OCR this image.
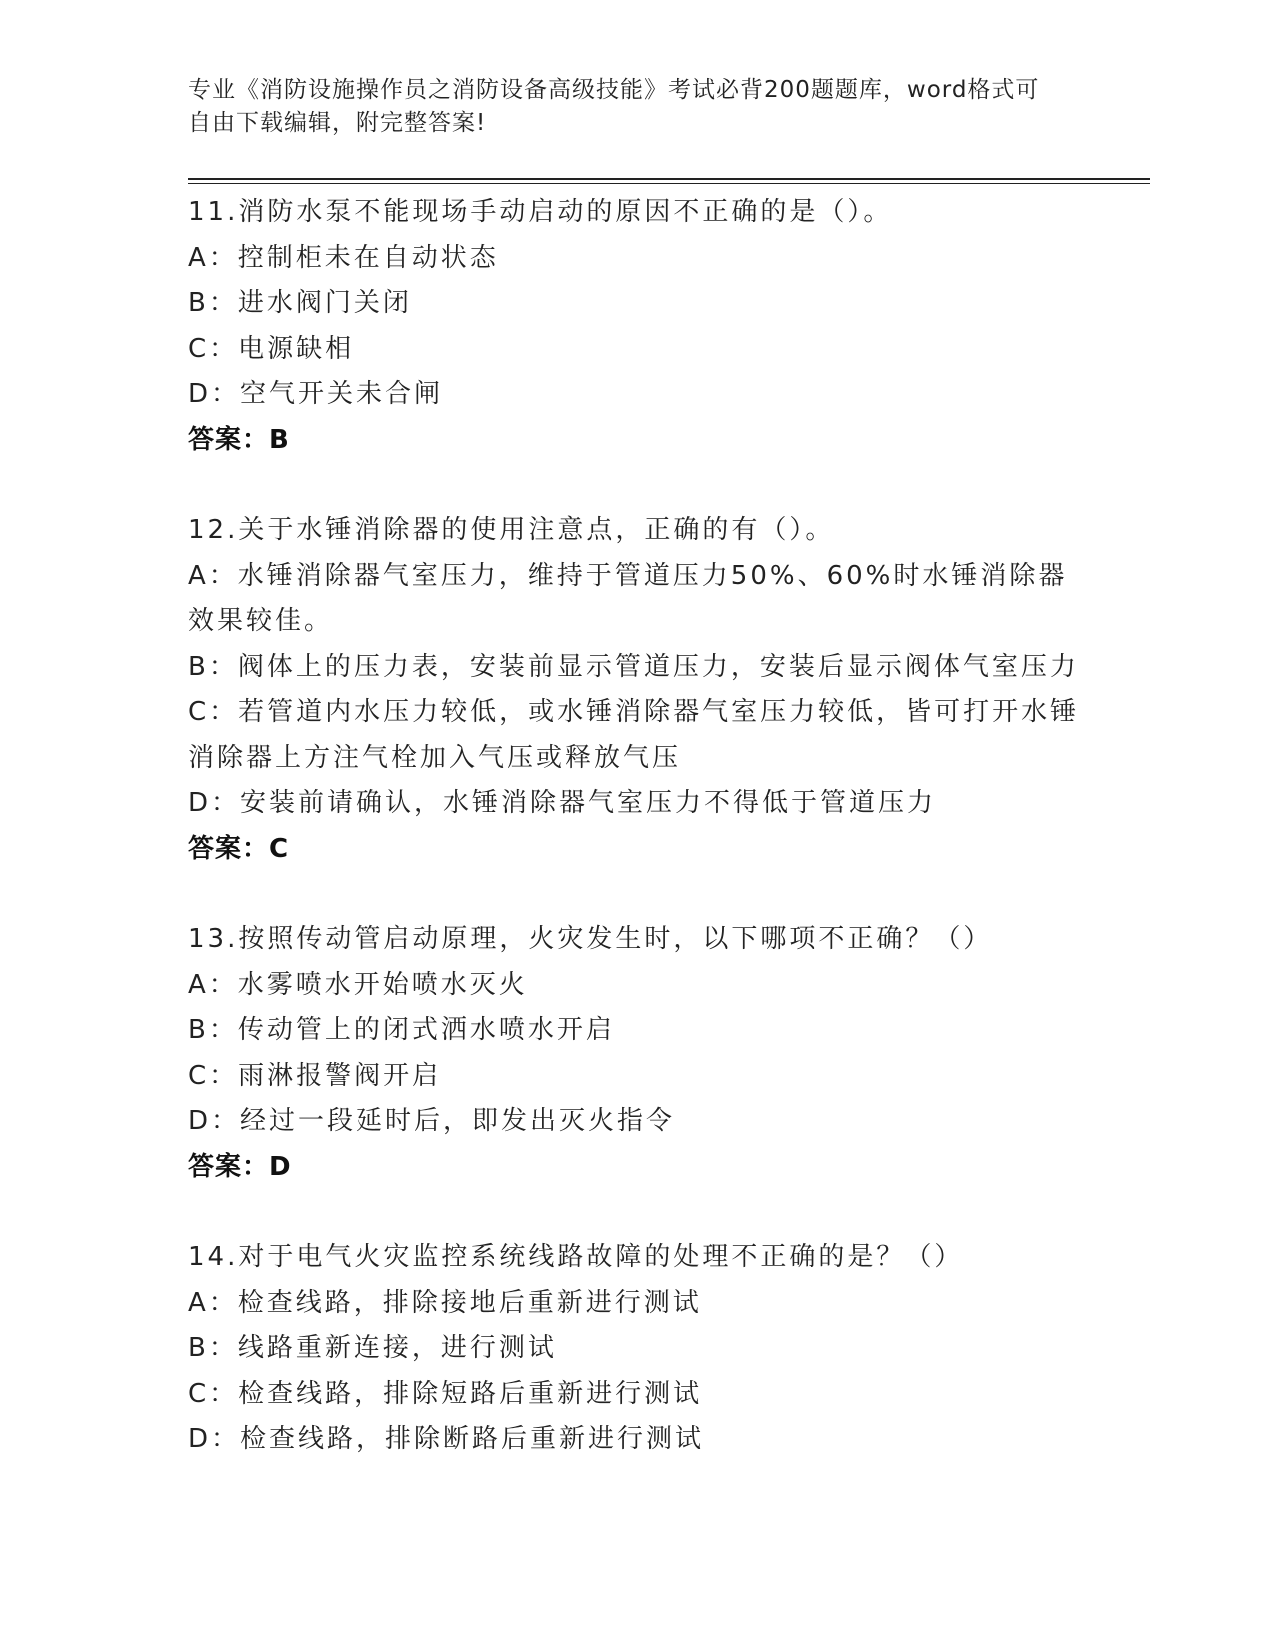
专业《消防设施操作员之消防设备高级技能》考试必背200题题库，word格式可
自由下载编辑，附完整答案!
11.消防水泵不能现场手动启动的原因不正确的是（）。
A：控制柜未在自动状态
B：进水阀门关闭
C：电源缺相
D：空气开关未合闸
答案：B
12.关于水锤消除器的使用注意点，正确的有（）。
A：水锤消除器气室压力，维持于管道压力50%、60%时水锤消除器效果较佳。
B：阀体上的压力表，安装前显示管道压力，安装后显示阀体气室压力
C：若管道内水压力较低，或水锤消除器气室压力较低，皆可打开水锤消除器上方注气栓加入气压或释放气压
D：安装前请确认，水锤消除器气室压力不得低于管道压力
答案：C
13.按照传动管启动原理，火灾发生时，以下哪项不正确？（）
A：水雾喷水开始喷水灭火
B：传动管上的闭式洒水喷水开启
C：雨淋报警阀开启
D：经过一段延时后，即发出灭火指令
答案：D
14.对于电气火灾监控系统线路故障的处理不正确的是？（）
A：检查线路，排除接地后重新进行测试
B：线路重新连接，进行测试
C：检查线路，排除短路后重新进行测试
D：检查线路，排除断路后重新进行测试
